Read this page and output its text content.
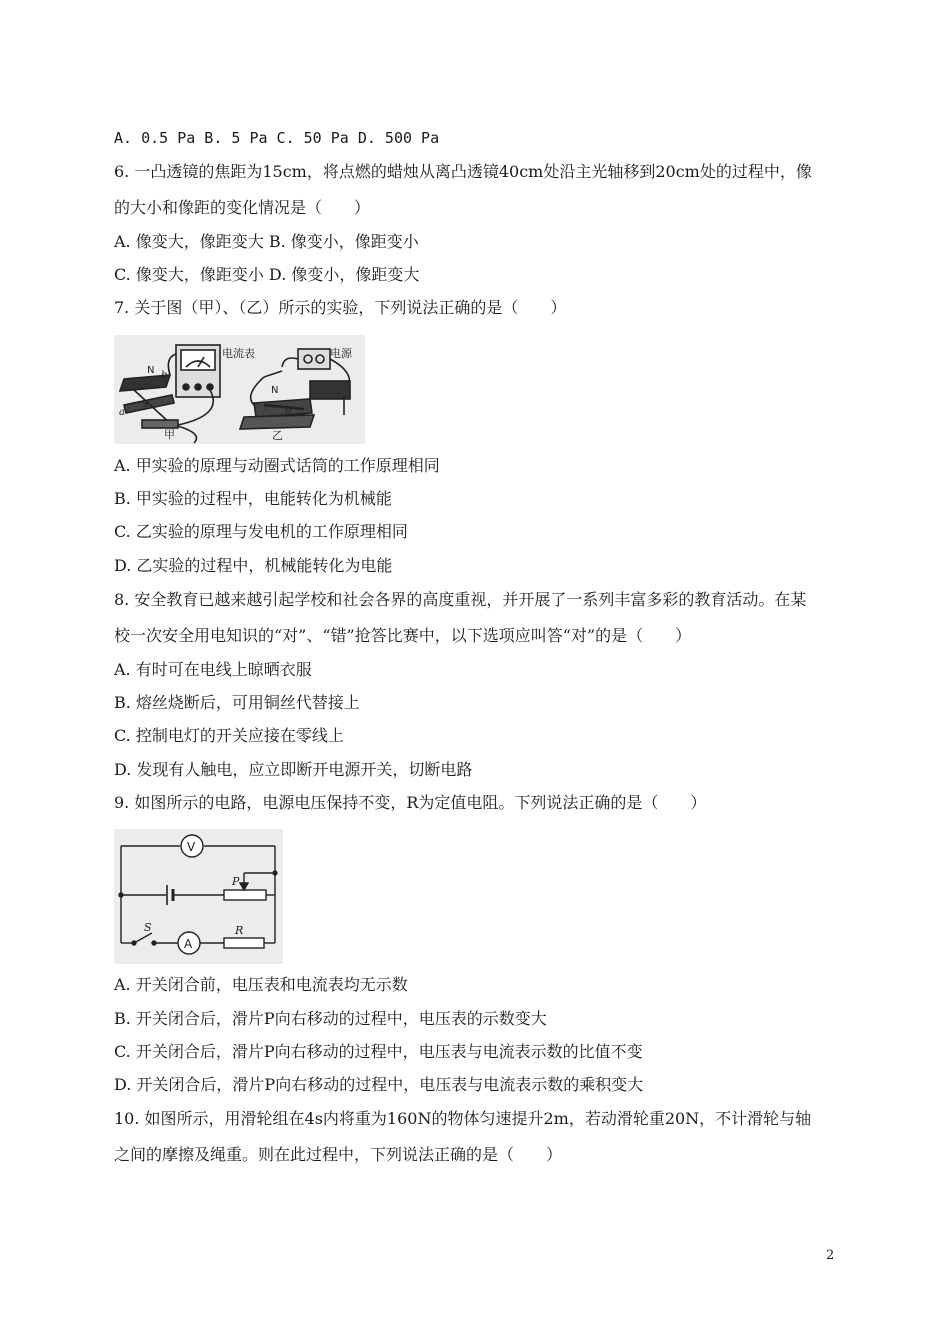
A. 0.5 Pa B. 5 Pa C. 50 Pa D. 500 Pa
6. 一凸透镜的焦距为15cm，将点燃的蜡烛从离凸透镜40cm处沿主光轴移到20cm处的过程中，像
的大小和像距的变化情况是（　　）
A. 像变大，像距变大 B. 像变小，像距变小
C. 像变大，像距变小 D. 像变小，像距变大
7. 关于图（甲）、（乙）所示的实验，下列说法正确的是（　　）
电流表
N b
S
a
甲
电源
N
b
乙
A. 甲实验的原理与动圈式话筒的工作原理相同
B. 甲实验的过程中，电能转化为机械能
C. 乙实验的原理与发电机的工作原理相同
D. 乙实验的过程中，机械能转化为电能
8. 安全教育已越来越引起学校和社会各界的高度重视，并开展了一系列丰富多彩的教育活动。在某
校一次安全用电知识的“对”、“错”抢答比赛中，以下选项应叫答“对”的是（　　）
A. 有时可在电线上晾晒衣服
B. 熔丝烧断后，可用铜丝代替接上
C. 控制电灯的开关应接在零线上
D. 发现有人触电，应立即断开电源开关，切断电路
9. 如图所示的电路，电源电压保持不变，R为定值电阻。下列说法正确的是（　　）
V
P
S
A
R
A. 开关闭合前，电压表和电流表均无示数
B. 开关闭合后，滑片P向右移动的过程中，电压表的示数变大
C. 开关闭合后，滑片P向右移动的过程中，电压表与电流表示数的比值不变
D. 开关闭合后，滑片P向右移动的过程中，电压表与电流表示数的乘积变大
10. 如图所示，用滑轮组在4s内将重为160N的物体匀速提升2m，若动滑轮重20N，不计滑轮与轴
之间的摩擦及绳重。则在此过程中，下列说法正确的是（　　）
2
